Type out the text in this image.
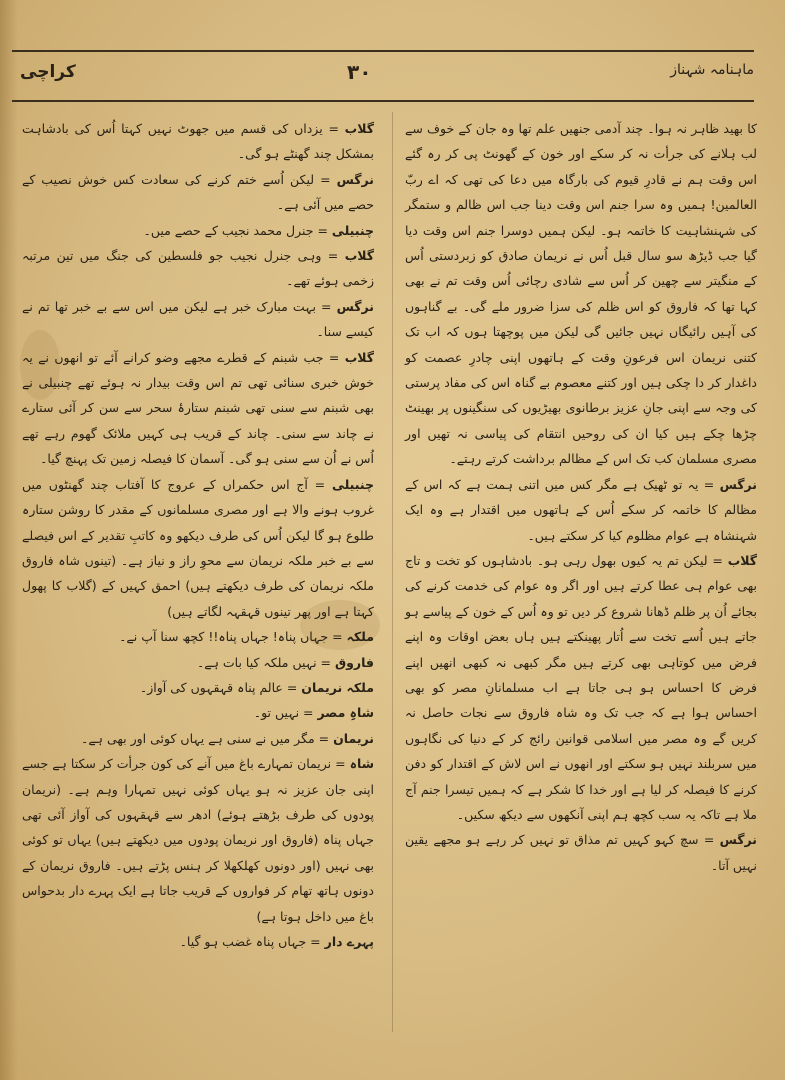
ماہنامہ شہناز
۳۰
کراچی

کا بھید ظاہر نہ ہوا۔ چند آدمی جنھیں علم تھا وہ جان کے خوف سے لب ہلانے کی جرأت نہ کر سکے اور خون کے گھونٹ پی کر رہ گئے اس وقت ہم نے قادرِ قیوم کی بارگاہ میں دعا کی تھی کہ اے ربّ العالمین! ہمیں وہ سرا جنم اس وقت دینا جب اس ظالم و ستمگر کی شہنشاہیت کا خاتمہ ہو۔ لیکن ہمیں دوسرا جنم اس وقت دیا گیا جب ڈیڑھ سو سال قبل اُس نے نریمان صادق کو زبردستی اُس کے منگیتر سے چھین کر اُس سے شادی رچائی اُس وقت تم نے بھی کہا تھا کہ فاروق کو اس ظلم کی سزا ضرور ملے گی۔ بے گناہوں کی آہیں رائیگاں نہیں جائیں گی لیکن میں پوچھتا ہوں کہ اب تک کتنی نریمان اس فرعونِ وقت کے ہاتھوں اپنی چادرِ عصمت کو داغدار کر دا چکی ہیں اور کتنے معصوم بے گناہ اس کی مفاد پرستی کی وجہ سے اپنی جانِ عزیز برطانوی بھیڑیوں کی سنگینوں پر بھینٹ چڑھا چکے ہیں کیا ان کی روحیں انتقام کی پیاسی نہ تھیں اور مصری مسلمان کب تک اس کے مظالم برداشت کرتے رہتے۔

نرگس = یہ تو ٹھیک ہے مگر کس میں اتنی ہمت ہے کہ اس کے مظالم کا خاتمہ کر سکے اُس کے ہاتھوں میں اقتدار ہے وہ ایک شہنشاہ ہے عوام مظلوم کیا کر سکتے ہیں۔

گلاب = لیکن تم یہ کیوں بھول رہی ہو۔ بادشاہوں کو تخت و تاج بھی عوام ہی عطا کرتے ہیں اور اگر وہ عوام کی خدمت کرنے کی بجائے اُن پر ظلم ڈھانا شروع کر دیں تو وہ اُس کے خون کے پیاسے ہو جاتے ہیں اُسے تخت سے اُتار پھینکتے ہیں ہاں بعض اوقات وہ اپنے فرض میں کوتاہی بھی کرتے ہیں مگر کبھی نہ کبھی انھیں اپنے فرض کا احساس ہو ہی جاتا ہے اب مسلمانانِ مصر کو بھی احساس ہوا ہے کہ جب تک وہ شاہ فاروق سے نجات حاصل نہ کریں گے وہ مصر میں اسلامی قوانین رائج کر کے دنیا کی نگاہوں میں سربلند نہیں ہو سکتے اور انھوں نے اس لاش کے اقتدار کو دفن کرنے کا فیصلہ کر لیا ہے اور خدا کا شکر ہے کہ ہمیں تیسرا جنم آج ملا ہے تاکہ یہ سب کچھ ہم اپنی آنکھوں سے دیکھ سکیں۔

نرگس = سچ کہو کہیں تم مذاق تو نہیں کر رہے ہو مجھے یقین نہیں آتا۔

گلاب = یزداں کی قسم میں جھوٹ نہیں کہتا اُس کی بادشاہت بمشکل چند گھنٹے ہو گی۔

نرگس = لیکن اُسے ختم کرنے کی سعادت کس خوش نصیب کے حصے میں آئی ہے۔

چنبیلی = جنرل محمد نجیب کے حصے میں۔

گلاب = وہی جنرل نجیب جو فلسطین کی جنگ میں تین مرتبہ زخمی ہوئے تھے۔

نرگس = بہت مبارک خبر ہے لیکن میں اس سے بے خبر تھا تم نے کیسے سنا۔

گلاب = جب شبنم کے قطرے مجھے وضو کرانے آئے تو انھوں نے یہ خوش خبری سنائی تھی تم اس وقت بیدار نہ ہوئے تھے چنبیلی نے بھی شبنم سے سنی تھی شبنم ستارۂ سحر سے سن کر آئی ستارے نے چاند سے سنی۔ چاند کے قریب ہی کہیں ملائک گھوم رہے تھے اُس نے اُن سے سنی ہو گی۔ آسمان کا فیصلہ زمین تک پہنچ گیا۔

چنبیلی = آج اس حکمراں کے عروج کا آفتاب چند گھنٹوں میں غروب ہونے والا ہے اور مصری مسلمانوں کے مقدر کا روشن ستارہ طلوع ہو گا لیکن اُس کی طرف دیکھو وہ کاتبِ تقدیر کے اس فیصلے سے بے خبر ملکہ نریمان سے محوِ راز و نیاز ہے۔ (تینوں شاہ فاروق ملکہ نریمان کی طرف دیکھتے ہیں) احمق کہیں کے (گلاب کا پھول کہتا ہے اور پھر تینوں قہقہہ لگاتے ہیں)

ملکہ = جہاں پناہ! جہاں پناہ!! کچھ سنا آپ نے۔

فاروق = نہیں ملکہ کیا بات ہے۔

ملکہ نریمان = عالم پناہ قہقہوں کی آواز۔

شاہِ مصر = نہیں تو۔

نریمان = مگر میں نے سنی ہے یہاں کوئی اور بھی ہے۔

شاہ = نریمان تمہارے باغ میں آنے کی کون جرأت کر سکتا ہے جسے اپنی جان عزیز نہ ہو یہاں کوئی نہیں تمہارا وہم ہے۔ (نریمان پودوں کی طرف بڑھتے ہوئے) ادھر سے قہقہوں کی آواز آئی تھی جہاں پناہ (فاروق اور نریمان پودوں میں دیکھتے ہیں) یہاں تو کوئی بھی نہیں (اور دونوں کھلکھلا کر ہنس پڑتے ہیں۔ فاروق نریمان کے دونوں ہاتھ تھام کر فواروں کے قریب جاتا ہے ایک پہرے دار بدحواس باغ میں داخل ہوتا ہے)

پہرے دار = جہاں پناہ غضب ہو گیا۔
